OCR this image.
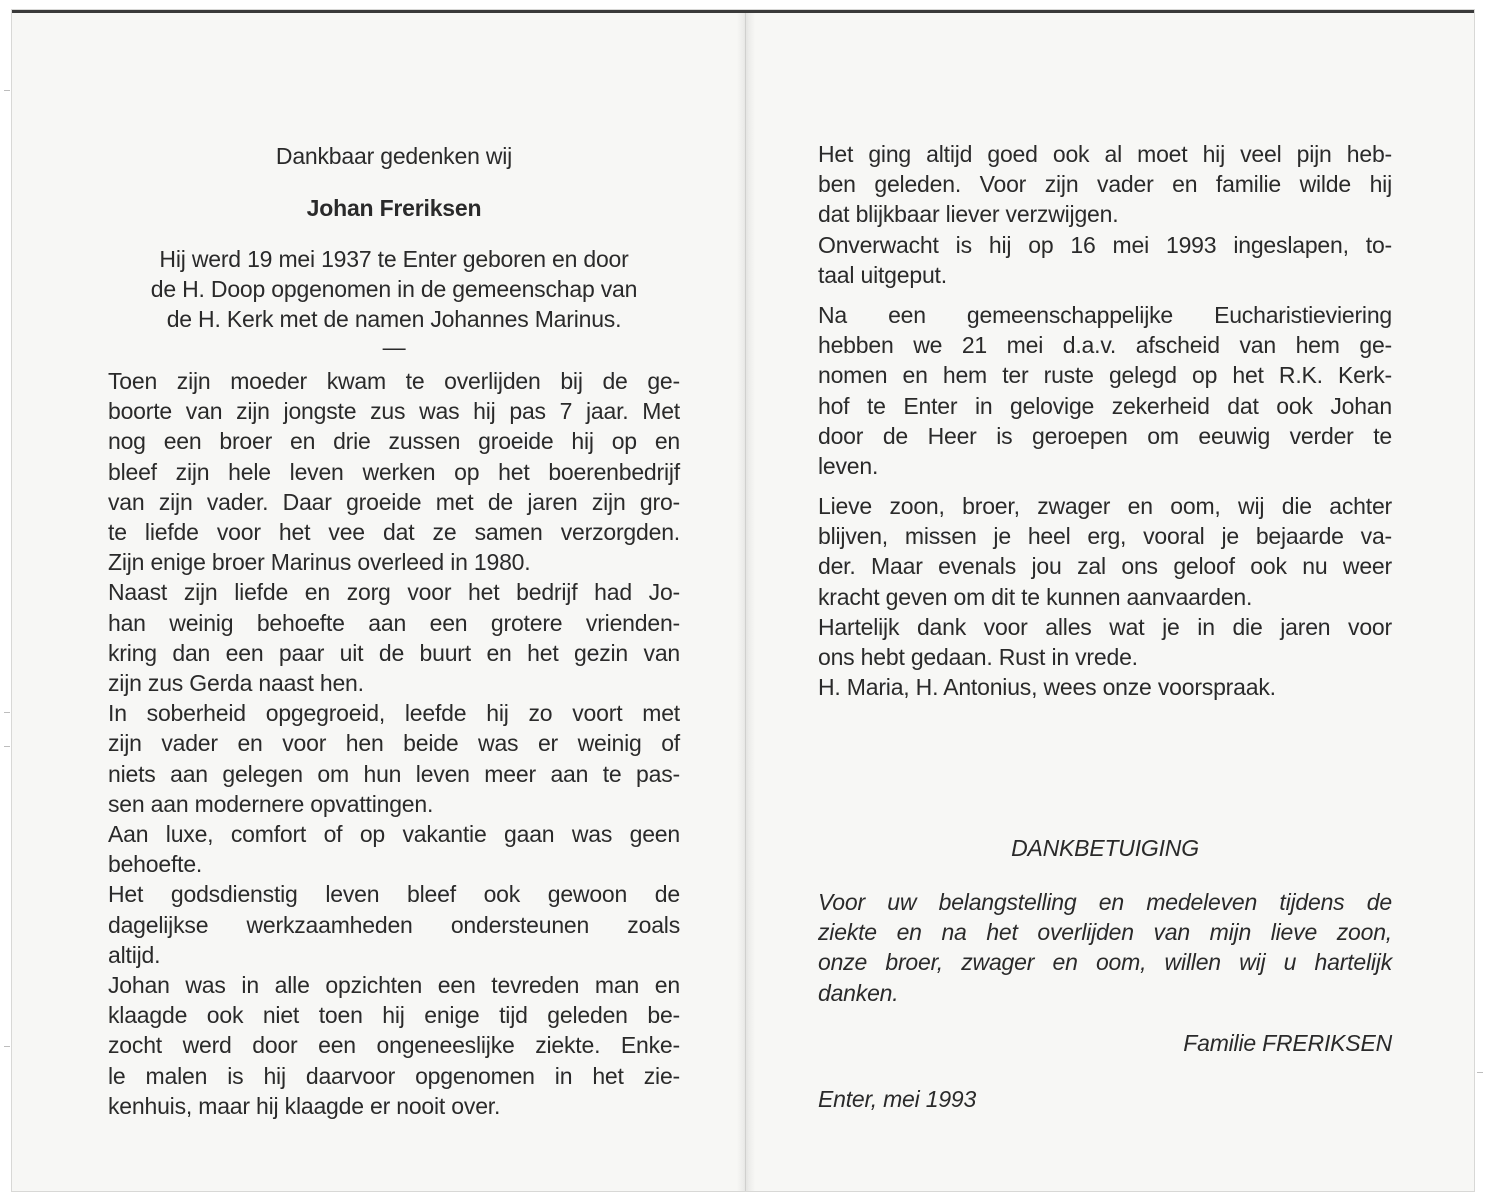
Dankbaar gedenken wij
Johan Freriksen
Hij werd 19 mei 1937 te Enter geboren en door
de H. Doop opgenomen in de gemeenschap van
de H. Kerk met de namen Johannes Marinus.
—
Toen zijn moeder kwam te overlijden bij de ge-
boorte van zijn jongste zus was hij pas 7 jaar. Met
nog een broer en drie zussen groeide hij op en
bleef zijn hele leven werken op het boerenbedrijf
van zijn vader. Daar groeide met de jaren zijn gro-
te liefde voor het vee dat ze samen verzorgden.
Zijn enige broer Marinus overleed in 1980.
Naast zijn liefde en zorg voor het bedrijf had Jo-
han weinig behoefte aan een grotere vrienden-
kring dan een paar uit de buurt en het gezin van
zijn zus Gerda naast hen.
In soberheid opgegroeid, leefde hij zo voort met
zijn vader en voor hen beide was er weinig of
niets aan gelegen om hun leven meer aan te pas-
sen aan modernere opvattingen.
Aan luxe, comfort of op vakantie gaan was geen
behoefte.
Het godsdienstig leven bleef ook gewoon de
dagelijkse werkzaamheden ondersteunen zoals
altijd.
Johan was in alle opzichten een tevreden man en
klaagde ook niet toen hij enige tijd geleden be-
zocht werd door een ongeneeslijke ziekte. Enke-
le malen is hij daarvoor opgenomen in het zie-
kenhuis, maar hij klaagde er nooit over.
Het ging altijd goed ook al moet hij veel pijn heb-
ben geleden. Voor zijn vader en familie wilde hij
dat blijkbaar liever verzwijgen.
Onverwacht is hij op 16 mei 1993 ingeslapen, to-
taal uitgeput.
Na een gemeenschappelijke Eucharistieviering
hebben we 21 mei d.a.v. afscheid van hem ge-
nomen en hem ter ruste gelegd op het R.K. Kerk-
hof te Enter in gelovige zekerheid dat ook Johan
door de Heer is geroepen om eeuwig verder te
leven.
Lieve zoon, broer, zwager en oom, wij die achter
blijven, missen je heel erg, vooral je bejaarde va-
der. Maar evenals jou zal ons geloof ook nu weer
kracht geven om dit te kunnen aanvaarden.
Hartelijk dank voor alles wat je in die jaren voor
ons hebt gedaan. Rust in vrede.
H. Maria, H. Antonius, wees onze voorspraak.
DANKBETUIGING
Voor uw belangstelling en medeleven tijdens de
ziekte en na het overlijden van mijn lieve zoon,
onze broer, zwager en oom, willen wij u hartelijk
danken.
Familie FRERIKSEN
Enter, mei 1993
